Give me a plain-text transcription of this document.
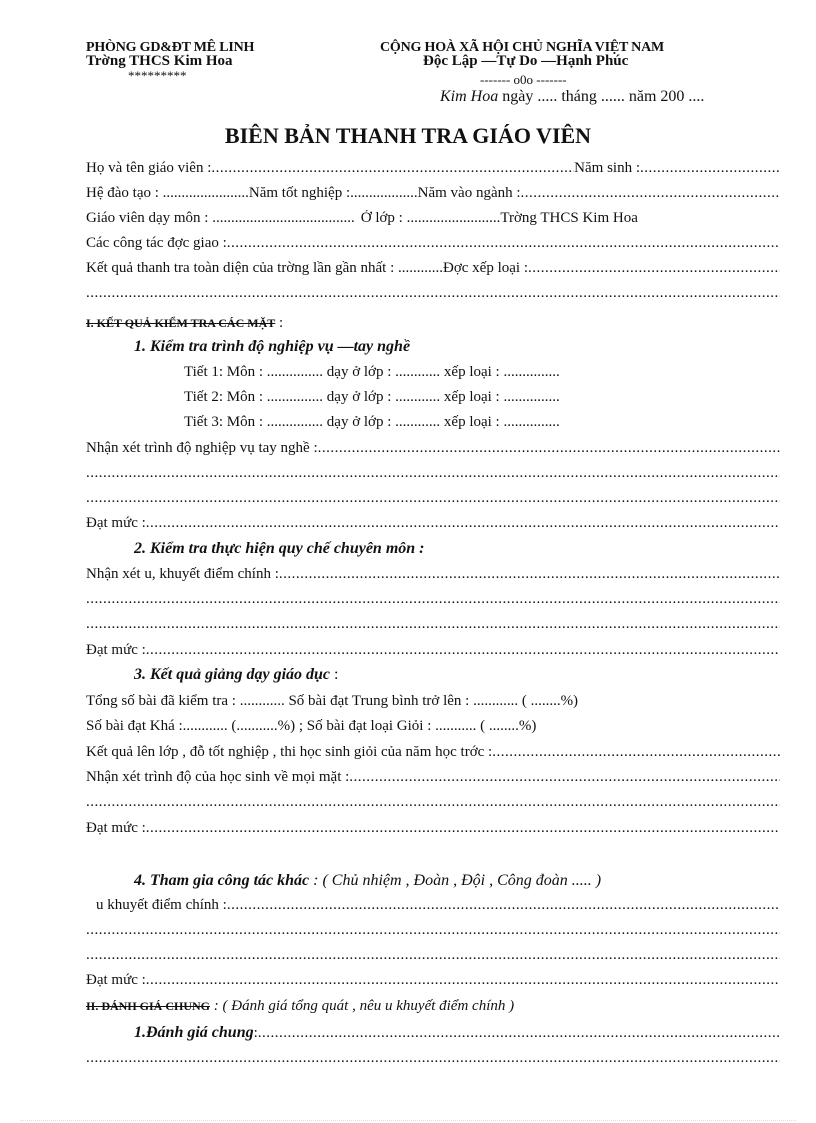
PHÒNG GD&ĐT MÊ LINH
Trờng THCS Kim Hoa
*********
CỘNG HOÀ XÃ HỘI CHỦ NGHĨA VIỆT NAM
Độc Lập —Tự Do —Hạnh Phúc
------- o0o -------
Kim Hoa ngày ..... tháng ...... năm 200 ....
BIÊN BẢN THANH TRA GIÁO VIÊN
Họ và tên giáo viên :
.....	Năm sinh :
.....
Hệ đào tạo : ....................... Năm tốt nghiệp :.................. Năm vào ngành :
.....
Giáo viên dạy môn : ...................................... Ở lớp : ......................... Trờng THCS Kim Hoa
Các công tác đợc giao :
.....
Kết quả thanh tra toàn diện của trờng lần gần nhất : ............ Đợc xếp loại :
.....
.....
I. KẾT QUẢ KIỂM TRA CÁC MẶT :
1. Kiểm tra trình độ nghiệp vụ —tay nghề
Tiết 1: Môn : ............... dạy ở lớp : ............ xếp loại : ...............
Tiết 2: Môn : ............... dạy ở lớp : ............ xếp loại : ...............
Tiết 3: Môn : ............... dạy ở lớp : ............ xếp loại : ...............
Nhận xét trình độ nghiệp vụ tay nghề :
.....
.....
.....
Đạt mức :
.....
2. Kiểm tra thực hiện quy chế chuyên môn :
Nhận xét u, khuyết điểm chính :
.....
.....
.....
Đạt mức :
.....
3. Kết quả giảng dạy giáo dục :
Tổng số bài đã kiểm tra : ............ Số bài đạt Trung bình trở lên : ............ ( ........%)
Số bài đạt Khá :............ (...........%) ; Số bài đạt loại Giỏi : ........... ( ........%)
Kết quả lên lớp , đỗ tốt nghiệp , thi học sinh giỏi của năm học trớc :
.....
Nhận xét trình độ của học sinh về mọi mặt :
.....
.....
Đạt mức :
.....
4. Tham gia công tác khác : ( Chủ nhiệm , Đoàn , Đội , Công đoàn ..... )
u khuyết điểm chính :
.....
.....
.....
Đạt mức :
.....
II. ĐÁNH GIÁ CHUNG : ( Đánh giá tổng quát , nêu u khuyết điểm chính )
1.Đánh giá chung :
.....
.....
